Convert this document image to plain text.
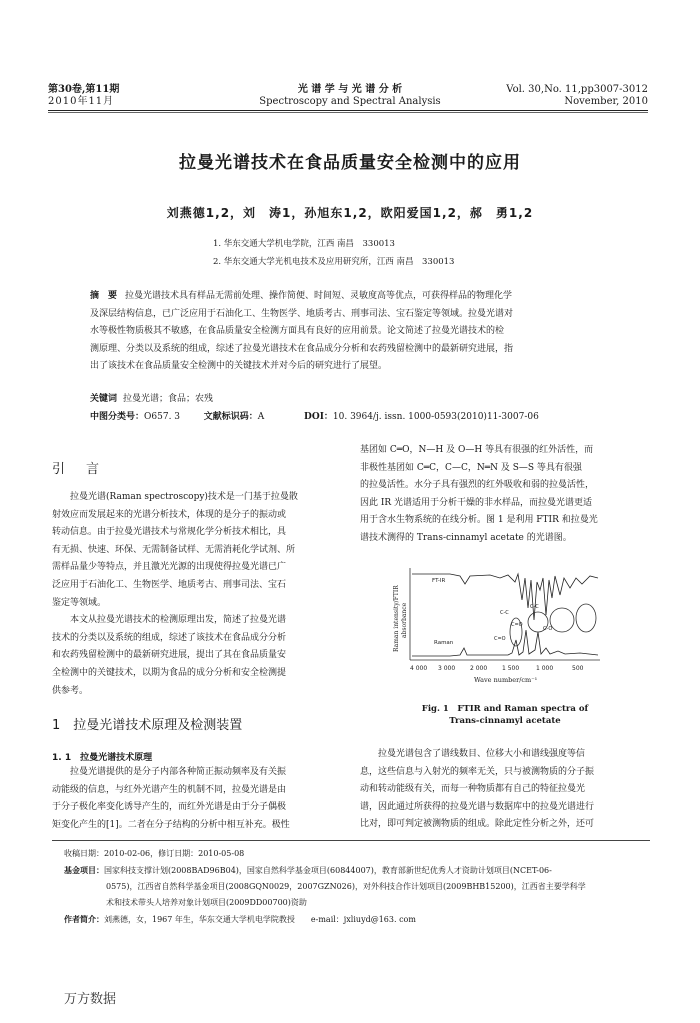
第30卷,第11期
2010年11月
光 谱 学 与 光 谱 分 析
Spectroscopy and Spectral Analysis
Vol. 30,No. 11,pp3007-3012
November, 2010
拉曼光谱技术在食品质量安全检测中的应用
刘燕德1,2，刘　涛1，孙旭东1,2，欧阳爱国1,2，郝　勇1,2
1. 华东交通大学机电学院，江西 南昌　330013
2. 华东交通大学光机电技术及应用研究所，江西 南昌　330013
摘　要 拉曼光谱技术具有样品无需前处理、操作简便、时间短、灵敏度高等优点，可获得样品的物理化学
及深层结构信息，已广泛应用于石油化工、生物医学、地质考古、刑事司法、宝石鉴定等领域。拉曼光谱对
水等极性物质极其不敏感，在食品质量安全检测方面具有良好的应用前景。论文简述了拉曼光谱技术的检
测原理、分类以及系统的组成，综述了拉曼光谱技术在食品成分分析和农药残留检测中的最新研究进展，指
出了该技术在食品质量安全检测中的关键技术并对今后的研究进行了展望。
关键词 拉曼光谱；食品；农残
中图分类号：O657. 3	文献标识码：A	DOI：10. 3964/j. issn. 1000-0593(2010)11-3007-06
引　言
拉曼光谱(Raman spectroscopy)技术是一门基于拉曼散
射效应而发展起来的光谱分析技术，体现的是分子的振动或
转动信息。由于拉曼光谱技术与常规化学分析技术相比，具
有无损、快速、环保、无需制备试样、无需消耗化学试剂、所
需样品量少等特点，并且激光光源的出现使得拉曼光谱已广
泛应用于石油化工、生物医学、地质考古、刑事司法、宝石
鉴定等领域。
本文从拉曼光谱技术的检测原理出发，简述了拉曼光谱
技术的分类以及系统的组成，综述了该技术在食品成分分析
和农药残留检测中的最新研究进展，提出了其在食品质量安
全检测中的关键技术，以期为食品的成分分析和安全检测提
供参考。
1　拉曼光谱技术原理及检测装置
1. 1　拉曼光谱技术原理
拉曼光谱提供的是分子内部各种简正振动频率及有关振
动能级的信息，与红外光谱产生的机制不同，拉曼光谱是由
于分子极化率变化诱导产生的，而红外光谱是由于分子偶极
矩变化产生的[1]。二者在分子结构的分析中相互补充。极性
基团如 C═O，N—H 及 O—H 等具有很强的红外活性，而
非极性基团如 C═C，C—C，N═N 及 S—S 等具有很强
的拉曼活性。水分子具有强烈的红外吸收和弱的拉曼活性，
因此 IR 光谱适用于分析干燥的非水样品，而拉曼光谱更适
用于含水生物系统的在线分析。图 1 是利用 FTIR 和拉曼光
谱技术测得的 Trans-cinnamyl acetate 的光谱图。
FT-IR
Raman
C-C
C-C
C-O
C=O
C=O
Raman intensity/FTIR absorbance
4 000 3 000 2 000 1 500	1 000	500
Wave number/cm⁻¹
Fig. 1　FTIR and Raman spectra of
Trans-cinnamyl acetate
拉曼光谱包含了谱线数目、位移大小和谱线强度等信
息，这些信息与入射光的频率无关，只与被测物质的分子振
动和转动能级有关，而每一种物质都有自己的特征拉曼光
谱，因此通过所获得的拉曼光谱与数据库中的拉曼光谱进行
比对，即可判定被测物质的组成。除此定性分析之外，还可
收稿日期：2010-02-06，修订日期：2010-05-08
基金项目：国家科技支撑计划(2008BAD96B04)，国家自然科学基金项目(60844007)，教育部新世纪优秀人才资助计划项目(NCET-06-
0575)，江西省自然科学基金项目(2008GQN0029，2007GZN026)，对外科技合作计划项目(2009BHB15200)，江西省主要学科学
术和技术带头人培养对象计划项目(2009DD00700)资助
作者简介：刘燕德，女，1967 年生，华东交通大学机电学院教授　　e-mail：jxliuyd@163. com
万方数据
